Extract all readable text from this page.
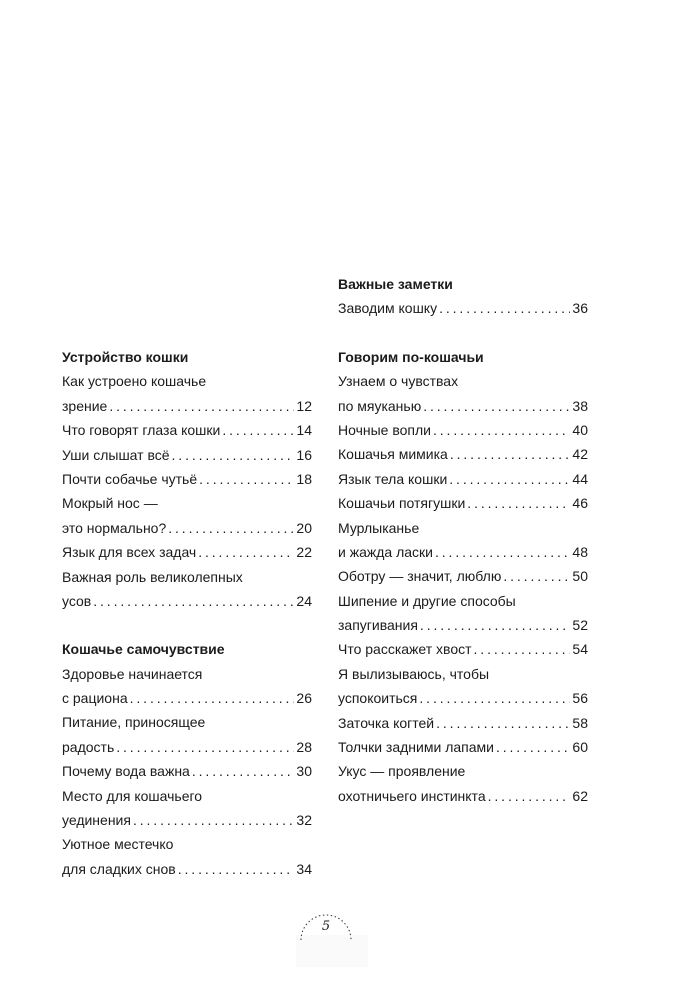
Устройство кошки
Как устроено кошачье
зрение . . .	12
Что говорят глаза кошки . . .	14
Уши слышат всё . . .	16
Почти собачье чутьё . . .	18
Мокрый нос —
это нормально? . . .	20
Язык для всех задач . . .	22
Важная роль великолепных
усов . . .	24
Кошачье самочувствие
Здоровье начинается
с рациона . . .	26
Питание, приносящее
радость . . .	28
Почему вода важна . . .	30
Место для кошачьего
уединения . . .	32
Уютное местечко
для сладких снов . . .	34
Важные заметки
Заводим кошку . . .	36
Говорим по-кошачьи
Узнаем о чувствах
по мяуканью . . .	38
Ночные вопли . . .	40
Кошачья мимика . . .	42
Язык тела кошки . . .	44
Кошачьи потягушки . . .	46
Мурлыканье
и жажда ласки . . .	48
Оботру — значит, люблю . . .	50
Шипение и другие способы
запугивания . . .	52
Что расскажет хвост . . .	54
Я вылизываюсь, чтобы
успокоиться . . .	56
Заточка когтей . . .	58
Толчки задними лапами . . .	60
Укус — проявление
охотничьего инстинкта . . .	62
5
